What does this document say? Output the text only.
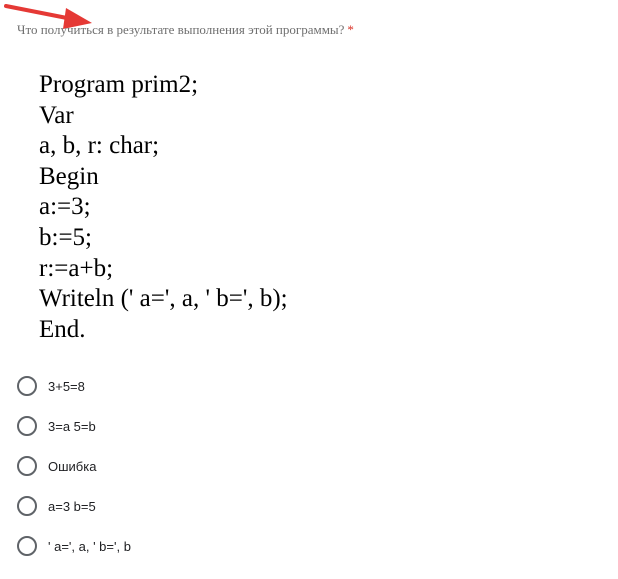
Что получиться в результате выполнения этой программы? *
Program prim2;
Var
a, b, r: char;
Begin
a:=3;
b:=5;
r:=a+b;
Writeln (' a=', a, ' b=', b);
End.
3+5=8
3=a 5=b
Ошибка
a=3 b=5
' a=', a, ' b=', b
